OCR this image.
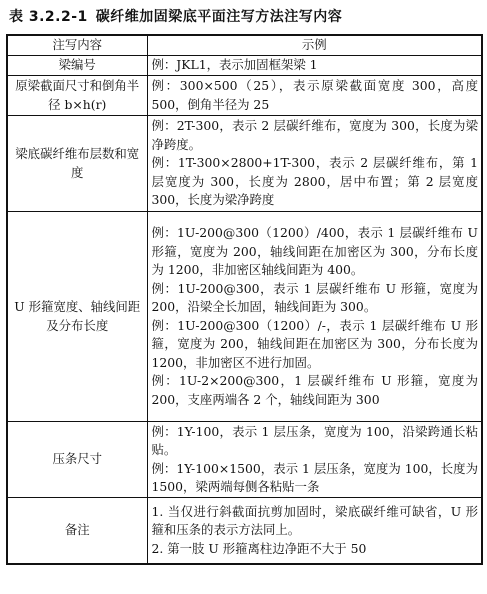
表 3.2.2-1 碳纤维加固梁底平面注写方法注写内容
注写内容	示例
梁编号	例：JKL1，表示加固框架梁 1

原梁截面尺寸和倒角半径 b×h(r)	例：300×500（25），表示原梁截面宽度 300，高度 500，倒角半径为 25

梁底碳纤维布层数和宽度	例：2T-300，表示 2 层碳纤维布，宽度为 300，长度为梁净跨度。

例：1T-300×2800+1T-300，表示 2 层碳纤维布，第 1 层宽度为 300，长度为 2800，居中布置；第 2 层宽度 300，长度为梁净跨度

U 形箍宽度、轴线间距及分布长度	例：1U-200@300（1200）/400，表示 1 层碳纤维布 U 形箍，宽度为 200，轴线间距在加密区为 300，分布长度为 1200，非加密区轴线间距为 400。

例：1U-200@300，表示 1 层碳纤维布 U 形箍，宽度为 200，沿梁全长加固，轴线间距为 300。

例：1U-200@300（1200）/-，表示 1 层碳纤维布 U 形箍，宽度为 200，轴线间距在加密区为 300，分布长度为 1200，非加密区不进行加固。

例：1U-2×200@300，1 层碳纤维布 U 形箍，宽度为 200，支座两端各 2 个，轴线间距为 300

压条尺寸	例：1Y-100，表示 1 层压条，宽度为 100，沿梁跨通长粘贴。

例：1Y-100×1500，表示 1 层压条，宽度为 100，长度为 1500，梁两端每侧各粘贴一条

备注	1. 当仅进行斜截面抗剪加固时，梁底碳纤维可缺省，U 形箍和压条的表示方法同上。

2. 第一肢 U 形箍离柱边净距不大于 50
